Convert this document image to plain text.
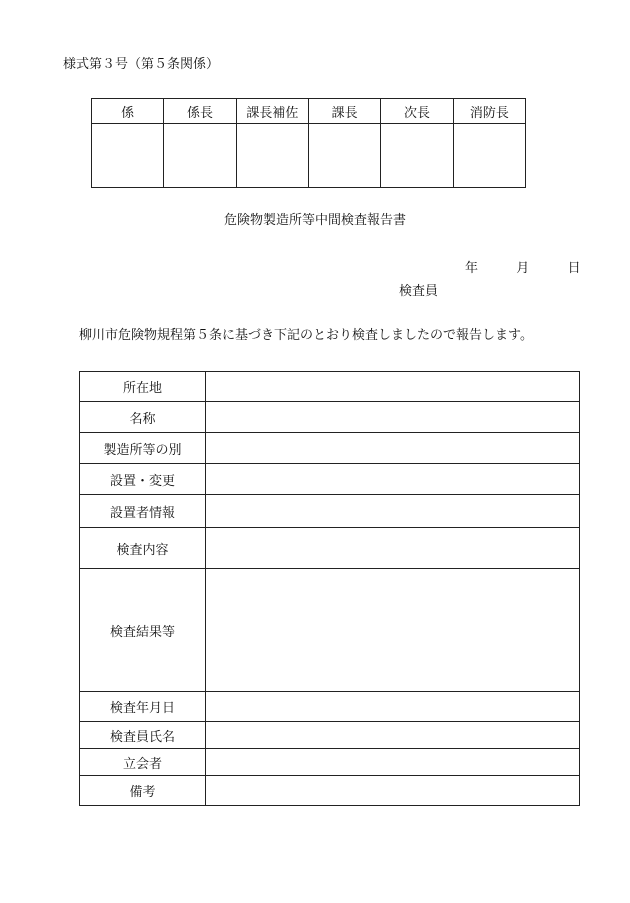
様式第３号（第５条関係）
係	係長	課長補佐	課長	次長	消防長

危険物製造所等中間検査報告書
年	月	日
検査員
柳川市危険物規程第５条に基づき下記のとおり検査しましたので報告します。
所在地	
名称	
製造所等の別	
設置・変更	
設置者情報	
検査内容	
検査結果等	
検査年月日	
検査員氏名	
立会者	
備考	
